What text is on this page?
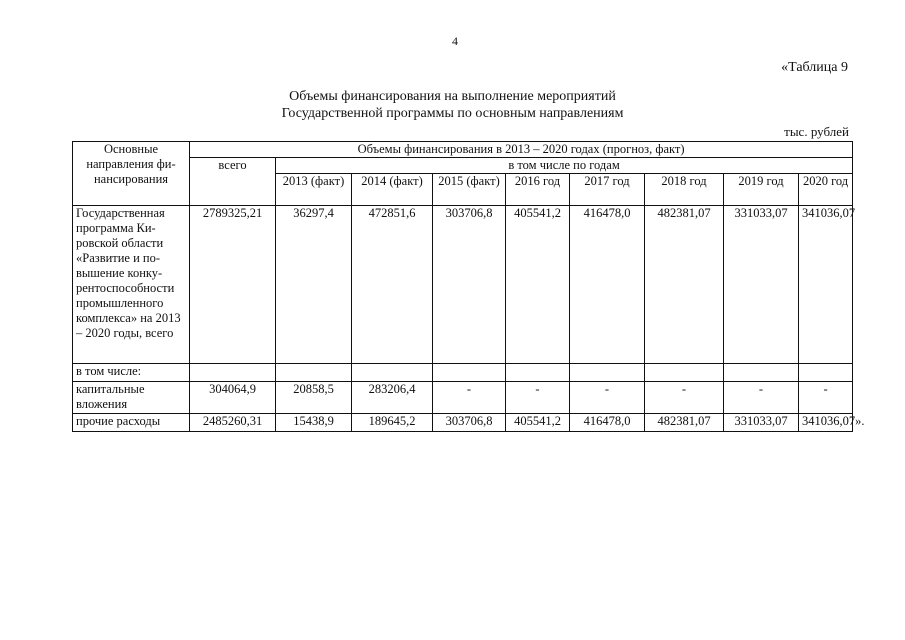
4
«Таблица 9
Объемы финансирования на выполнение мероприятий
Государственной программы по основным направлениям
тыс. рублей
Основные направления фи-нансирования	Объемы финансирования в 2013 – 2020 годах (прогноз, факт)								
	всего	в том числе по годам							
		2013 (факт)	2014 (факт)	2015 (факт)	2016 год	2017 год	2018 год	2019 год	2020 год
Государственная программа Ки-ровской области «Развитие и по-вышение конку-рентоспособности промышленного комплекса» на 2013 – 2020 годы, всего	2789325,21	36297,4	472851,6	303706,8	405541,2	416478,0	482381,07	331033,07	341036,07
в том числе:									
капитальные вложения	304064,9	20858,5	283206,4	-	-	-	-	-	-
прочие расходы	2485260,31	15438,9	189645,2	303706,8	405541,2	416478,0	482381,07	331033,07	341036,07».
